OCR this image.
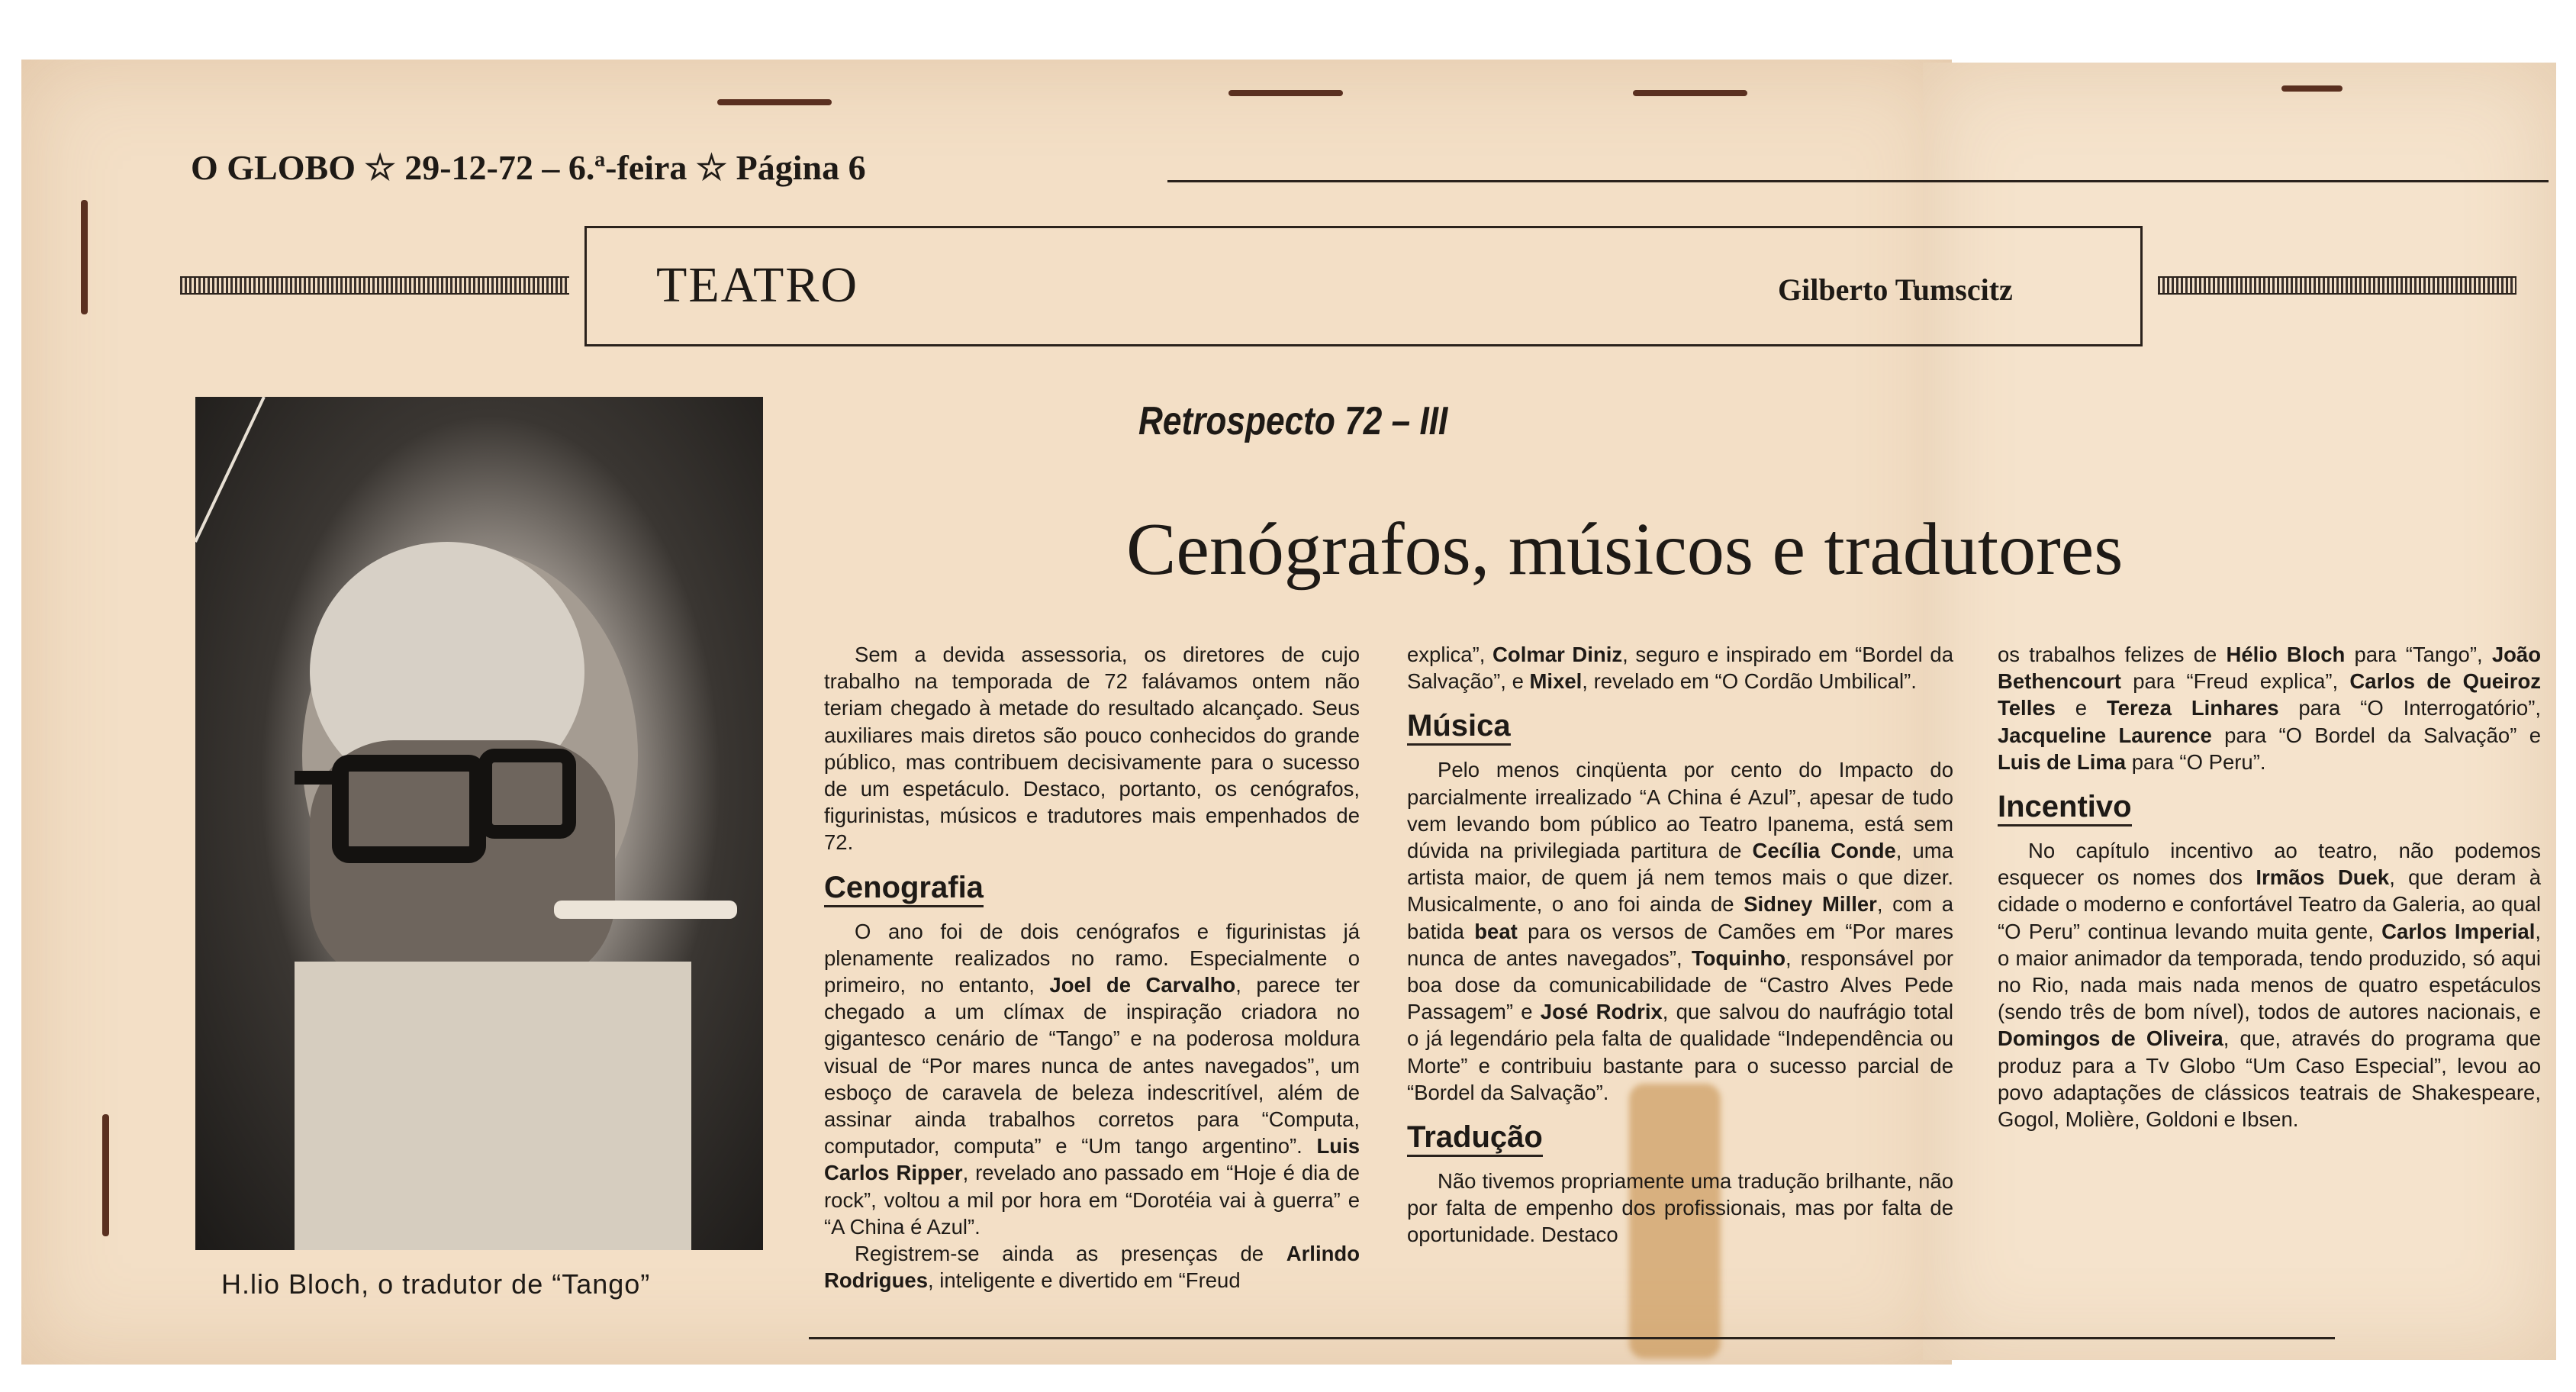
O GLOBO ☆ 29-12-72 – 6.ª-feira ☆ Página 6
TEATRO	Gilberto Tumscitz
H.lio Bloch, o tradutor de “Tango”
Retrospecto 72 – III
Cenógrafos, músicos e tradutores

Sem a devida assessoria, os diretores de cujo trabalho na temporada de 72 falávamos ontem não teriam chegado à metade do resultado alcançado. Seus auxiliares mais diretos são pouco conhecidos do grande público, mas contribuem decisivamente para o sucesso de um espetáculo. Destaco, portanto, os cenógrafos, figurinistas, músicos e tradutores mais empenhados de 72.

Cenografia

O ano foi de dois cenógrafos e figurinistas já plenamente realizados no ramo. Especialmente o primeiro, no entanto, Joel de Carvalho, parece ter chegado a um clímax de inspiração criadora no gigantesco cenário de “Tango” e na poderosa moldura visual de “Por mares nunca de antes navegados”, um esboço de caravela de beleza indescritível, além de assinar ainda trabalhos corretos para “Computa, computador, computa” e “Um tango argentino”. Luis Carlos Ripper, revelado ano passado em “Hoje é dia de rock”, voltou a mil por hora em “Dorotéia vai à guerra” e “A China é Azul”.

Registrem-se ainda as presenças de Arlindo Rodrigues, inteligente e divertido em “Freud

explica”, Colmar Diniz, seguro e inspirado em “Bordel da Salvação”, e Mixel, revelado em “O Cordão Umbilical”.

Música

Pelo menos cinqüenta por cento do Impacto do parcialmente irrealizado “A China é Azul”, apesar de tudo vem levando bom público ao Teatro Ipanema, está sem dúvida na privilegiada partitura de Cecília Conde, uma artista maior, de quem já nem temos mais o que dizer. Musicalmente, o ano foi ainda de Sidney Miller, com a batida beat para os versos de Camões em “Por mares nunca de antes navegados”, Toquinho, responsável por boa dose da comunicabilidade de “Castro Alves Pede Passagem” e José Rodrix, que salvou do naufrágio total o já legendário pela falta de qualidade “Independência ou Morte” e contribuiu bastante para o sucesso parcial de “Bordel da Salvação”.

Tradução

Não tivemos propriamente uma tradução brilhante, não por falta de empenho dos profissionais, mas por falta de oportunidade. Destaco

os trabalhos felizes de Hélio Bloch para “Tango”, João Bethencourt para “Freud explica”, Carlos de Queiroz Telles e Tereza Linhares para “O Interrogatório”, Jacqueline Laurence para “O Bordel da Salvação” e Luis de Lima para “O Peru”.

Incentivo

No capítulo incentivo ao teatro, não podemos esquecer os nomes dos Irmãos Duek, que deram à cidade o moderno e confortável Teatro da Galeria, ao qual “O Peru” continua levando muita gente, Carlos Imperial, o maior animador da temporada, tendo produzido, só aqui no Rio, nada mais nada menos de quatro espetáculos (sendo três de bom nível), todos de autores nacionais, e Domingos de Oliveira, que, através do programa que produz para a Tv Globo “Um Caso Especial”, levou ao povo adaptações de clássicos teatrais de Shakespeare, Gogol, Molière, Goldoni e Ibsen.
